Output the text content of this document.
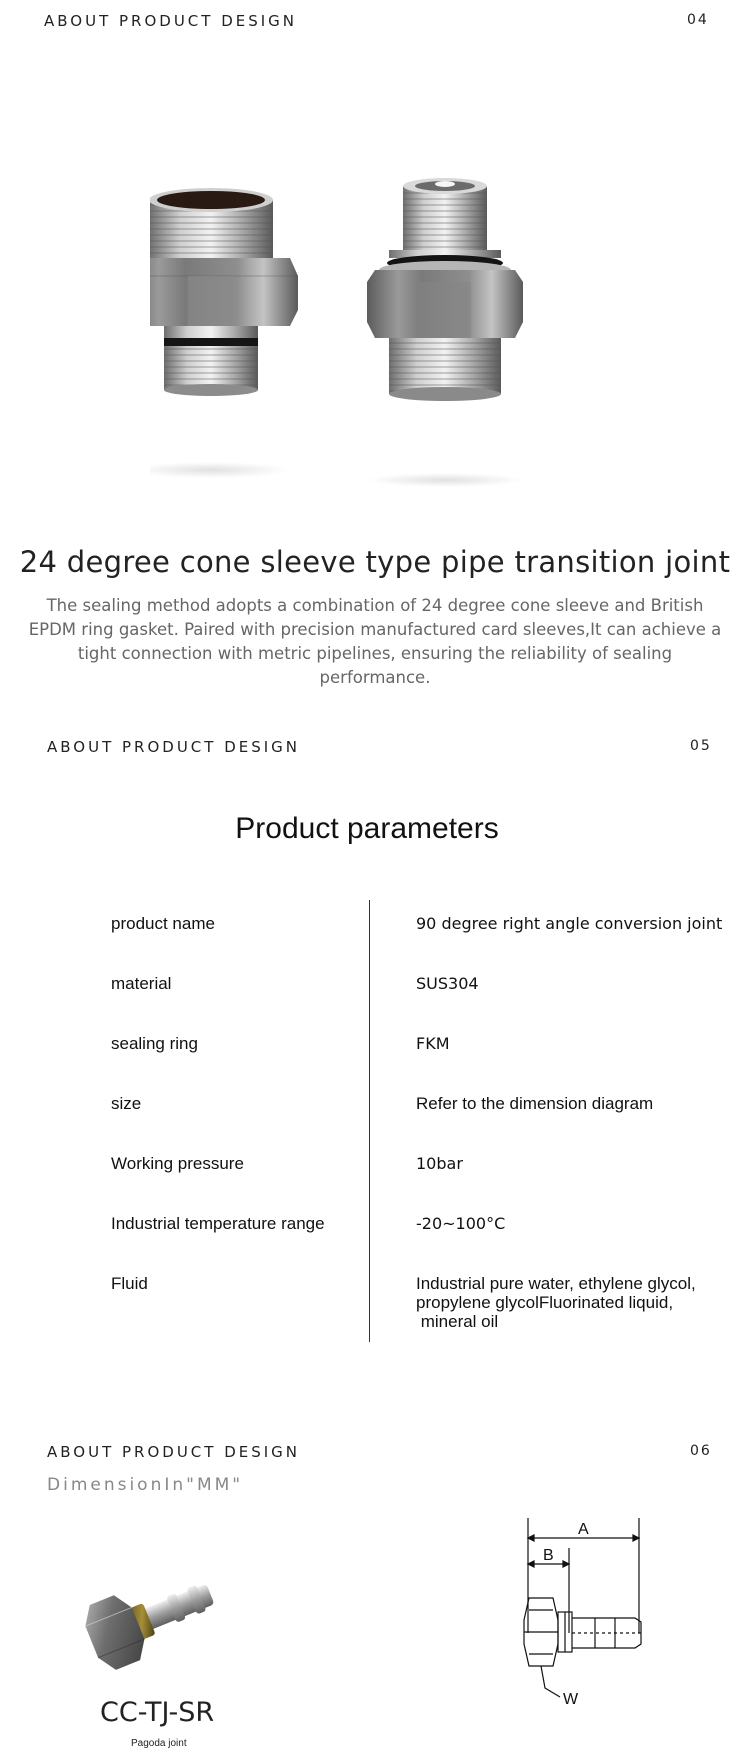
ABOUT PRODUCT DESIGN	04
24 degree cone sleeve type pipe transition joint
The sealing method adopts a combination of 24 degree cone sleeve and British
EPDM ring gasket. Paired with precision manufactured card sleeves,It can achieve a
tight connection with metric pipelines, ensuring the reliability of sealing performance.
ABOUT PRODUCT DESIGN	05
Product parameters
product name	90 degree right angle conversion joint
material	SUS304
sealing ring	FKM
size	Refer to the dimension diagram
Working pressure	10bar
Industrial temperature range	-20~100°C
Fluid	Industrial pure water, ethylene glycol,
propylene glycolFluorinated liquid,
mineral oil
ABOUT PRODUCT DESIGN	06
DimensionIn"MM"
CC-TJ-SR
Pagoda joint
A
B
W
